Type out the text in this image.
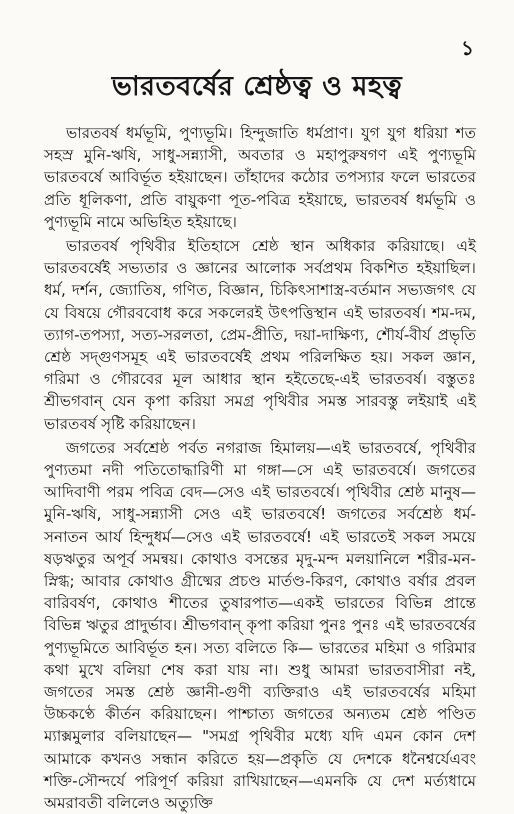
১
ভারতবর্ষের শ্রেষ্ঠত্ব ও মহত্ব

ভারতবর্ষ ধর্মভূমি, পুণ্যভূমি। হিন্দুজাতি ধর্মপ্রাণ। যুগ যুগ ধরিয়া শত সহস্র মুনি-ঋষি, সাধু-সন্ন্যাসী, অবতার ও মহাপুরুষগণ এই পুণ্যভূমি ভারতবর্ষে আবির্ভূত হইয়াছেন। তাঁহাদের কঠোর তপস্যার ফলে ভারতের প্রতি ধূলিকণা, প্রতি বায়ুকণা পূত-পবিত্র হইয়াছে, ভারতবর্ষ ধর্মভূমি ও পুণ্যভূমি নামে অভিহিত হইয়াছে।

ভারতবর্ষ পৃথিবীর ইতিহাসে শ্রেষ্ঠ স্থান অধিকার করিয়াছে। এই ভারতবর্ষেই সভ্যতার ও জ্ঞানের আলোক সর্বপ্রথম বিকশিত হইয়াছিল। ধর্ম, দর্শন, জ্যোতিষ, গণিত, বিজ্ঞান, চিকিৎসাশাস্ত্র-বর্তমান সভ্যজগৎ যে যে বিষয়ে গৌরববোধ করে সকলেরই উৎপত্তিস্থান এই ভারতবর্ষ। শম-দম, ত্যাগ-তপস্যা, সত্য-সরলতা, প্রেম-প্রীতি, দয়া-দাক্ষিণ্য, শৌর্য-বীর্য প্রভৃতি শ্রেষ্ঠ সদ্গুণসমূহ এই ভারতবর্ষেই প্রথম পরিলক্ষিত হয়। সকল জ্ঞান, গরিমা ও গৌরবের মূল আধার স্থান হইতেছে-এই ভারতবর্ষ। বস্তুতঃ শ্রীভগবান্ যেন কৃপা করিয়া সমগ্র পৃথিবীর সমস্ত সারবস্তু লইয়াই এই ভারতবর্ষ সৃষ্টি করিয়াছেন।

জগতের সর্বশ্রেষ্ঠ পর্বত নগরাজ হিমালয়—এই ভারতবর্ষে, পৃথিবীর পুণ্যতমা নদী পতিতোদ্ধারিণী মা গঙ্গা—সে এই ভারতবর্ষে। জগতের আদিবাণী পরম পবিত্র বেদ—সেও এই ভারতবর্ষে। পৃথিবীর শ্রেষ্ঠ মানুষ— মুনি-ঋষি, সাধু-সন্ন্যাসী সেও এই ভারতবর্ষে! জগতের সর্বশ্রেষ্ঠ ধর্ম-সনাতন আর্য হিন্দুধর্ম—সেও এই ভারতবর্ষে! এই ভারতেই সকল সময়ে ষড়ঋতুর অপূর্ব সমন্বয়। কোথাও বসন্তের মৃদু-মন্দ মলয়ানিলে শরীর-মন-স্নিগ্ধ; আবার কোথাও গ্রীষ্মের প্রচণ্ড মার্তণ্ড-কিরণ, কোথাও বর্ষার প্রবল বারিবর্ষণ, কোথাও শীতের তুষারপাত—একই ভারতের বিভিন্ন প্রান্তে বিভিন্ন ঋতুর প্রাদুর্ভাব। শ্রীভগবান্ কৃপা করিয়া পুনঃ পুনঃ এই ভারতবর্ষের পুণ্যভূমিতে আবির্ভূত হন। সত্য বলিতে কি— ভারতের মহিমা ও গরিমার কথা মুখে বলিয়া শেষ করা যায় না। শুধু আমরা ভারতবাসীরা নই, জগতের সমস্ত শ্রেষ্ঠ জ্ঞানী-গুণী ব্যক্তিরাও এই ভারতবর্ষের মহিমা উচ্চকণ্ঠে কীর্তন করিয়াছেন। পাশ্চাত্য জগতের অন্যতম শ্রেষ্ঠ পণ্ডিত ম্যাক্সমুলার বলিয়াছেন— "সমগ্র পৃথিবীর মধ্যে যদি এমন কোন দেশ আমাকে কখনও সন্ধান করিতে হয়—প্রকৃতি যে দেশকে ধনৈশ্বর্যেএবং শক্তি-সৌন্দর্যে পরিপূর্ণ করিয়া রাখিয়াছেন—এমনকি যে দেশ মর্ত্যধামে অমরাবতী বলিলেও অত্যুক্তি
